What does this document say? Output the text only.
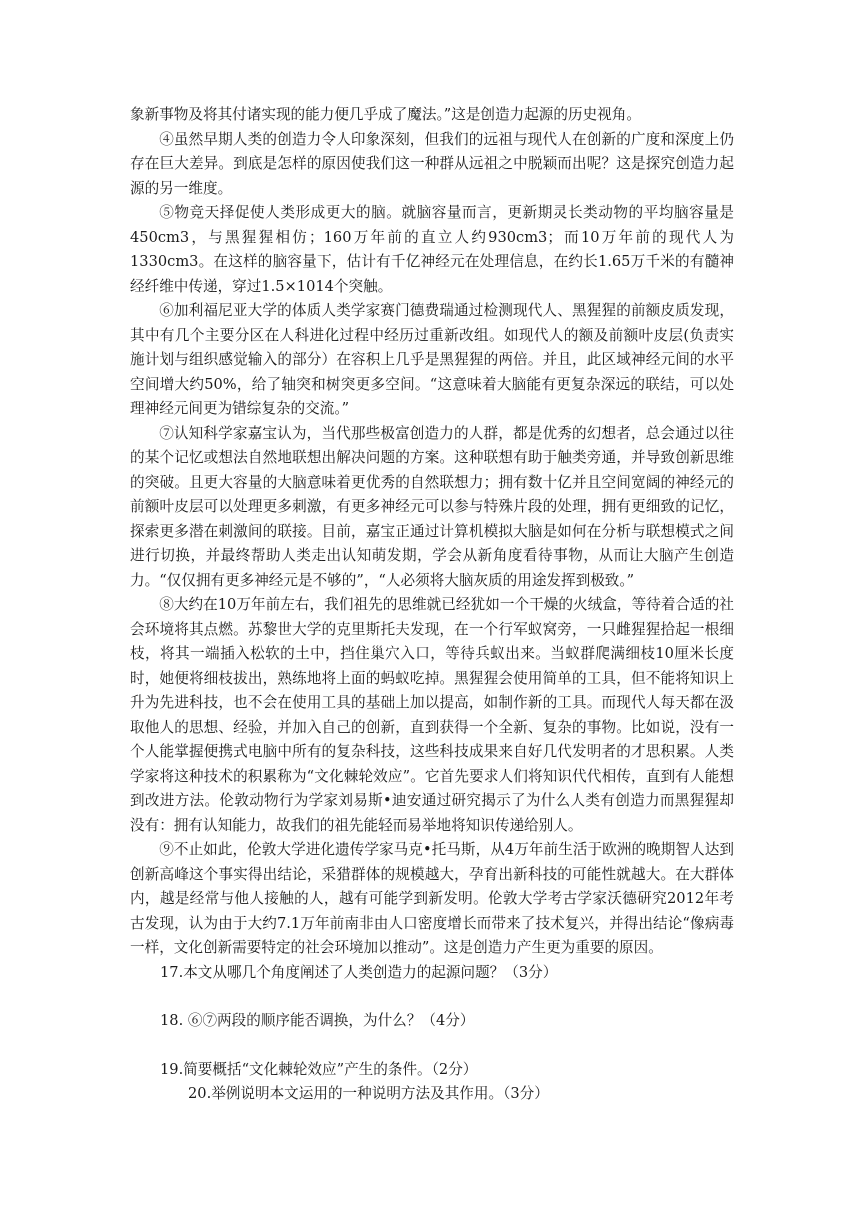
象新事物及将其付诸实现的能力便几乎成了魔法。”这是创造力起源的历史视角。

④虽然早期人类的创造力令人印象深刻，但我们的远祖与现代人在创新的广度和深度上仍存在巨大差异。到底是怎样的原因使我们这一种群从远祖之中脱颖而出呢？这是探究创造力起源的另一维度。

⑤物竞天择促使人类形成更大的脑。就脑容量而言，更新期灵长类动物的平均脑容量是450cm3，与黑猩猩相仿；160万年前的直立人约930cm3；而10万年前的现代人为1330cm3。在这样的脑容量下，估计有千亿神经元在处理信息，在约长1.65万千米的有髓神经纤维中传递，穿过1.5×1014个突触。

⑥加利福尼亚大学的体质人类学家赛门德费瑞通过检测现代人、黑猩猩的前额皮质发现，其中有几个主要分区在人科进化过程中经历过重新改组。如现代人的额及前额叶皮层(负责实施计划与组织感觉输入的部分）在容积上几乎是黑猩猩的两倍。并且，此区域神经元间的水平空间增大约50%，给了轴突和树突更多空间。“这意味着大脑能有更复杂深远的联结，可以处理神经元间更为错综复杂的交流。”

⑦认知科学家嘉宝认为，当代那些极富创造力的人群，都是优秀的幻想者，总会通过以往的某个记忆或想法自然地联想出解决问题的方案。这种联想有助于触类旁通，并导致创新思维的突破。且更大容量的大脑意味着更优秀的自然联想力；拥有数十亿并且空间宽阔的神经元的前额叶皮层可以处理更多刺激，有更多神经元可以参与特殊片段的处理，拥有更细致的记忆，探索更多潜在刺激间的联接。目前，嘉宝正通过计算机模拟大脑是如何在分析与联想模式之间进行切换，并最终帮助人类走出认知萌发期，学会从新角度看待事物，从而让大脑产生创造力。“仅仅拥有更多神经元是不够的”，“人必须将大脑灰质的用途发挥到极致。”

⑧大约在10万年前左右，我们祖先的思维就已经犹如一个干燥的火绒盒，等待着合适的社会环境将其点燃。苏黎世大学的克里斯托夫发现，在一个行军蚁窝旁，一只雌猩猩拾起一根细枝，将其一端插入松软的土中，挡住巢穴入口，等待兵蚁出来。当蚁群爬满细枝10厘米长度时，她便将细枝拔出，熟练地将上面的蚂蚁吃掉。黑猩猩会使用简单的工具，但不能将知识上升为先进科技，也不会在使用工具的基础上加以提高，如制作新的工具。而现代人每天都在汲取他人的思想、经验，并加入自己的创新，直到获得一个全新、复杂的事物。比如说，没有一个人能掌握便携式电脑中所有的复杂科技，这些科技成果来自好几代发明者的才思积累。人类学家将这种技术的积累称为“文化棘轮效应”。它首先要求人们将知识代代相传，直到有人能想到改进方法。伦敦动物行为学家刘易斯•迪安通过研究揭示了为什么人类有创造力而黑猩猩却没有：拥有认知能力，故我们的祖先能轻而易举地将知识传递给别人。

⑨不止如此，伦敦大学进化遗传学家马克•托马斯，从4万年前生活于欧洲的晚期智人达到创新高峰这个事实得出结论，采猎群体的规模越大，孕育出新科技的可能性就越大。在大群体内，越是经常与他人接触的人，越有可能学到新发明。伦敦大学考古学家沃德研究2012年考古发现，认为由于大约7.1万年前南非由人口密度增长而带来了技术复兴，并得出结论“像病毒一样，文化创新需要特定的社会环境加以推动”。这是创造力产生更为重要的原因。

17.本文从哪几个角度阐述了人类创造力的起源问题？（3分）

18. ⑥⑦两段的顺序能否调换，为什么？（4分）

19.简要概括“文化棘轮效应”产生的条件。（2分）

20.举例说明本文运用的一种说明方法及其作用。（3分）
